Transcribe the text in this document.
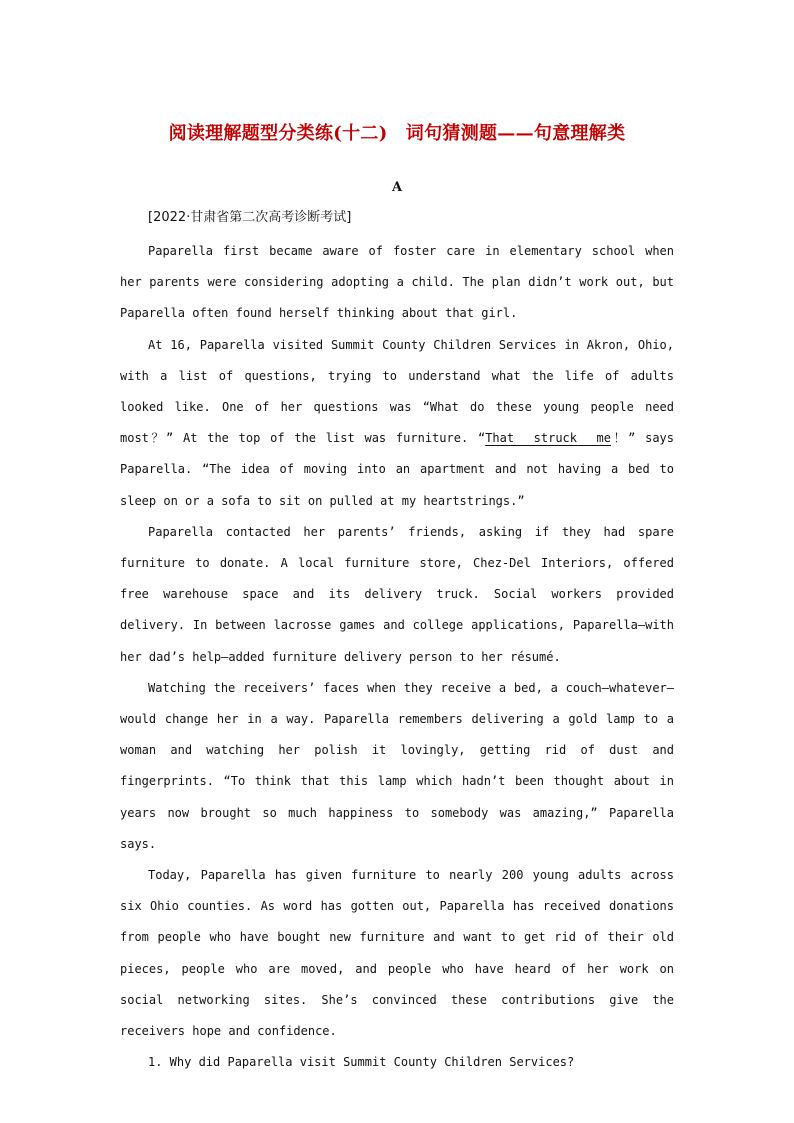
阅读理解题型分类练(十二)　词句猜测题——句意理解类
A
[2022·甘肃省第二次高考诊断考试]

Paparella first became aware of foster care in elementary school when her parents were considering adopting a child. The plan didn’t work out, but Paparella often found herself thinking about that girl.

At 16, Paparella visited Summit County Children Services in Akron, Ohio, with a list of questions, trying to understand what the life of adults looked like. One of her questions was “What do these young people need most？” At the top of the list was furniture. “That  struck  me！” says Paparella. “The idea of moving into an apartment and not having a bed to sleep on or a sofa to sit on pulled at my heartstrings.”

Paparella contacted her parents’ friends, asking if they had spare furniture to donate. A local furniture store, Chez-Del Interiors, offered free warehouse space and its delivery truck. Social workers provided delivery. In between lacrosse games and college applications, Paparella—with her dad’s help—added furniture delivery person to her résumé.

Watching the receivers’ faces when they receive a bed, a couch—whatever—would change her in a way. Paparella remembers delivering a gold lamp to a woman and watching her polish it lovingly, getting rid of dust and fingerprints. “To think that this lamp which hadn’t been thought about in years now brought so much happiness to somebody was amazing,” Paparella says.

Today, Paparella has given furniture to nearly 200 young adults across six Ohio counties. As word has gotten out, Paparella has received donations from people who have bought new furniture and want to get rid of their old pieces, people who are moved, and people who have heard of her work on social networking sites. She’s convinced these contributions give the receivers hope and confidence.

1. Why did Paparella visit Summit County Children Services?
